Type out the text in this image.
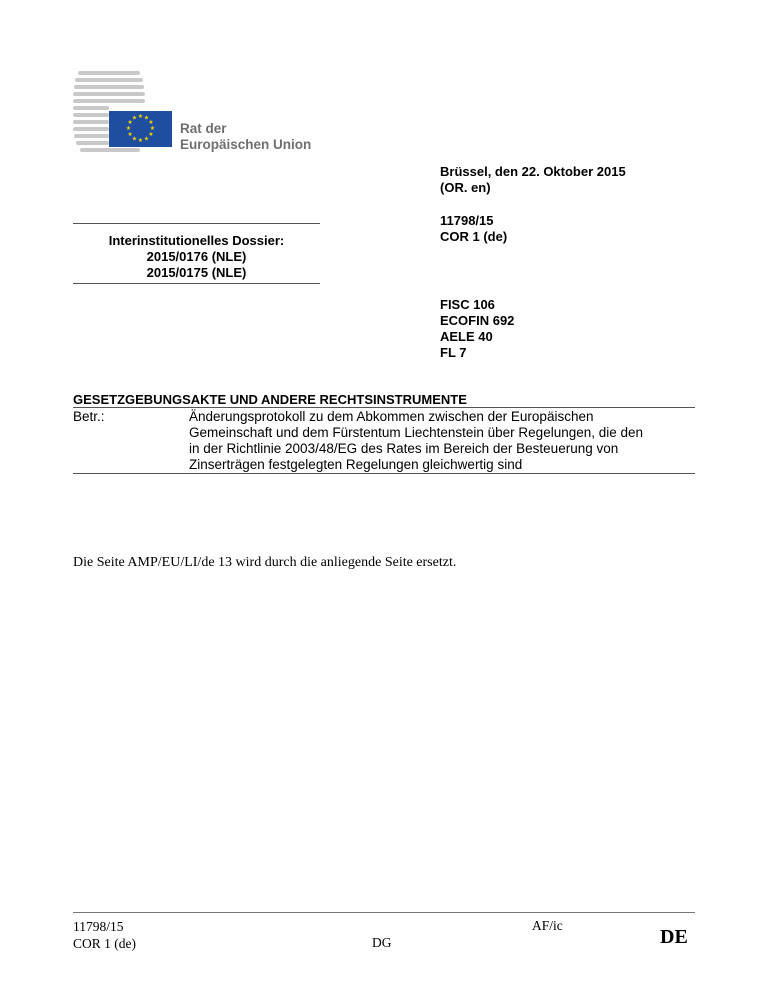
★ ★
★
★
★
★
★
★
★
★
★
★
Rat der
Europäischen Union
Brüssel, den 22. Oktober 2015
(OR. en)
11798/15
COR 1 (de)
FISC 106
ECOFIN 692
AELE 40
FL 7
Interinstitutionelles Dossier:
2015/0176 (NLE)
2015/0175 (NLE)
GESETZGEBUNGSAKTE UND ANDERE RECHTSINSTRUMENTE
Betr.:	Änderungsprotokoll zu dem Abkommen zwischen der Europäischen
Gemeinschaft und dem Fürstentum Liechtenstein über Regelungen, die den
in der Richtlinie 2003/48/EG des Rates im Bereich der Besteuerung von
Zinserträgen festgelegten Regelungen gleichwertig sind
Die Seite AMP/EU/LI/de 13 wird durch die anliegende Seite ersetzt.
11798/15
COR 1 (de)
AF/ic
DG	DE
